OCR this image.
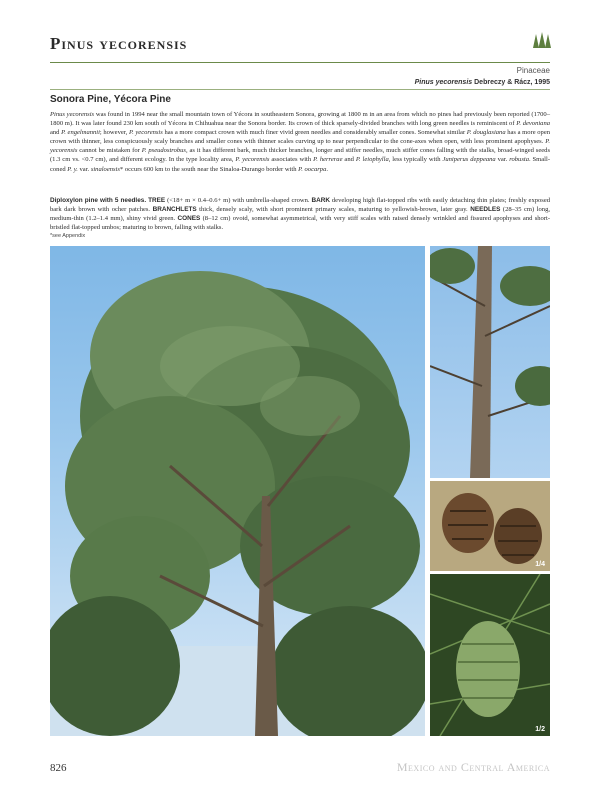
Pinus yecorensis
Pinaceae
Pinus yecorensis Debreczy & Rácz, 1995
Sonora Pine, Yécora Pine
Pinus yecorensis was found in 1994 near the small mountain town of Yécora in southeastern Sonora, growing at 1800 m in an area from which no pines had previously been reported (1700–1800 m). It was later found 230 km south of Yécora in Chihuahua near the Sonora border. Its crown of thick sparsely-divided branches with long green needles is reminiscent of P. devoniana and P. engelmannii; however, P. yecorensis has a more compact crown with much finer vivid green needles and considerably smaller cones. Somewhat similar P. douglasiana has a more open crown with thinner, less conspicuously scaly branches and smaller cones with thinner scales curving up to near perpendicular to the cone-axes when open, with less prominent apophyses. P. yecorensis cannot be mistaken for P. pseudostrobus, as it has different bark, much thicker branches, longer and stiffer needles, much stiffer cones falling with the stalks, broad-winged seeds (1.3 cm vs. <0.7 cm), and different ecology. In the type locality area, P. yecorensis associates with P. herrerae and P. leiophylla, less typically with Juniperus deppeana var. robusta. Small-coned P. y. var. sinaloensis* occurs 600 km to the south near the Sinaloa-Durango border with P. oocarpa.
Diploxylon pine with 5 needles. TREE (<18+ m × 0.4–0.6+ m) with umbrella-shaped crown. BARK developing high flat-topped ribs with easily detaching thin plates; freshly exposed bark dark brown with ocher patches. BRANCHLETS thick, densely scaly, with short prominent primary scales, maturing to yellowish-brown, later gray. NEEDLES (28–35 cm) long, medium-thin (1.2–1.4 mm), shiny vivid green. CONES (8–12 cm) ovoid, somewhat asymmetrical, with very stiff scales with raised densely wrinkled and fissured apophyses and short-bristled flat-topped umbos; maturing to brown, falling with stalks.
*see Appendix
1/4
1/2
826	Mexico and Central America
